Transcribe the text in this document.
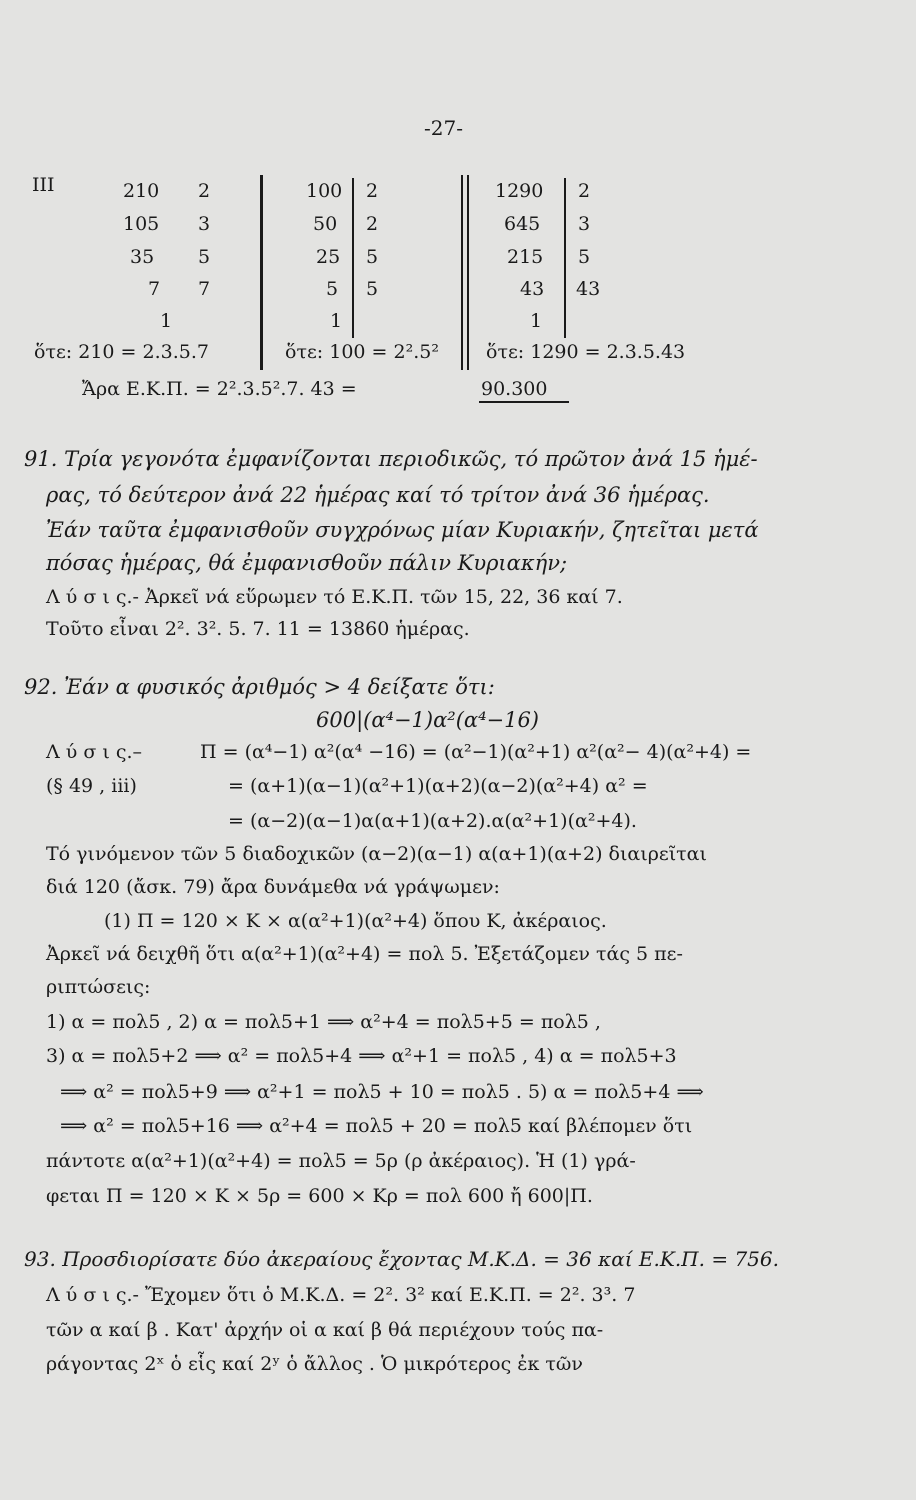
-27-
III	210 2
105 3
35 5
7 7
1
ὅτε: 210 = 2.3.5.7
100 2
50 2
25 5
5 5
1
ὅτε: 100 = 2².5²
1290 2
645 3
215 5
43 43
1
ὅτε: 1290 = 2.3.5.43
Ἄρα Ε.Κ.Π. = 2².3.5².7. 43 =	90.300
91. Τρία γεγονότα ἐμφανίζονται περιοδικῶς, τό πρῶτον ἀνά 15 ἡμέ-
ρας, τό δεύτερον ἀνά 22 ἡμέρας καί τό τρίτον ἀνά 36 ἡμέρας.
Ἐάν ταῦτα ἐμφανισθοῦν συγχρόνως μίαν Κυριακήν, ζητεῖται μετά
πόσας ἡμέρας, θά ἐμφανισθοῦν πάλιν Κυριακήν;
Λ ύ σ ι ς.- Ἀρκεῖ νά εὕρωμεν τό Ε.Κ.Π. τῶν 15, 22, 36 καί 7.
Τοῦτο εἶναι 2². 3². 5. 7. 11 = 13860 ἡμέρας.
92. Ἐάν α φυσικός ἀριθμός > 4 δείξατε ὅτι:
600|(α⁴−1)α²(α⁴−16)
Λ ύ σ ι ς.–	Π = (α⁴−1) α²(α⁴ −16) = (α²−1)(α²+1) α²(α²− 4)(α²+4) =
(§ 49 , iii)	= (α+1)(α−1)(α²+1)(α+2)(α−2)(α²+4) α² =
= (α−2)(α−1)α(α+1)(α+2).α(α²+1)(α²+4).
Τό γινόμενον τῶν 5 διαδοχικῶν (α−2)(α−1) α(α+1)(α+2) διαιρεῖται
διά 120 (ἄσκ. 79) ἄρα δυνάμεθα νά γράψωμεν:
(1) Π = 120 × Κ × α(α²+1)(α²+4) ὅπου Κ, ἀκέραιος.
Ἀρκεῖ νά δειχθῆ ὅτι α(α²+1)(α²+4) = πολ 5. Ἐξετάζομεν τάς 5 πε-
ριπτώσεις:
1) α = πολ5 , 2) α = πολ5+1 ⟹ α²+4 = πολ5+5 = πολ5 ,
3) α = πολ5+2 ⟹ α² = πολ5+4 ⟹ α²+1 = πολ5 , 4) α = πολ5+3
⟹ α² = πολ5+9 ⟹ α²+1 = πολ5 + 10 = πολ5 . 5) α = πολ5+4 ⟹
⟹ α² = πολ5+16 ⟹ α²+4 = πολ5 + 20 = πολ5 καί βλέπομεν ὅτι
πάντοτε α(α²+1)(α²+4) = πολ5 = 5ρ (ρ ἀκέραιος). Ἡ (1) γρά-
φεται Π = 120 × Κ × 5ρ = 600 × Κρ = πολ 600 ἤ 600|Π.
93. Προσδιορίσατε δύο ἀκεραίους ἔχοντας Μ.Κ.Δ. = 36 καί Ε.Κ.Π. = 756.
Λ ύ σ ι ς.- Ἔχομεν ὅτι ὁ Μ.Κ.Δ. = 2². 3² καί Ε.Κ.Π. = 2². 3³. 7
τῶν α καί β . Κατ' ἀρχήν οἱ α καί β θά περιέχουν τούς πα-
ράγοντας 2ˣ ὁ εἷς καί 2ʸ ὁ ἄλλος . Ὁ μικρότερος ἐκ τῶν
